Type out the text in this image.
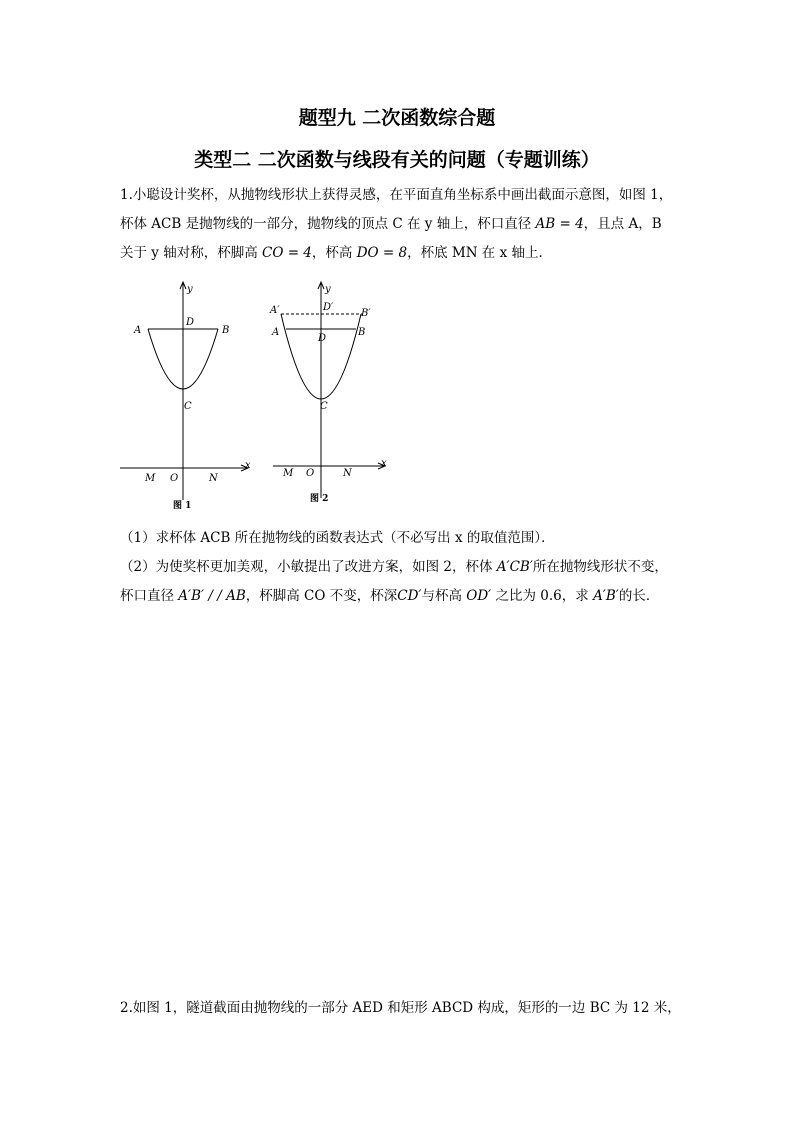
题型九 二次函数综合题
类型二 二次函数与线段有关的问题（专题训练）
1.小聪设计奖杯，从抛物线形状上获得灵感，在平面直角坐标系中画出截面示意图，如图 1，
杯体 ACB 是抛物线的一部分，抛物线的顶点 C 在 y 轴上，杯口直径 AB = 4，且点 A，B
关于 y 轴对称，杯脚高 CO = 4，杯高 DO = 8，杯底 MN 在 x 轴上．
y
A
D
B
C
x
M O	N
图 1
y
A′	D′
B′
A
D
B
C
x
M O	N
图 2
（1）求杯体 ACB 所在抛物线的函数表达式（不必写出 x 的取值范围）．
（2）为使奖杯更加美观，小敏提出了改进方案，如图 2，杯体 A′CB′所在抛物线形状不变，
杯口直径 A′B′ / / AB，杯脚高 CO 不变，杯深CD′与杯高 OD′ 之比为 0.6，求 A′B′的长．
2.如图 1，隧道截面由抛物线的一部分 AED 和矩形 ABCD 构成，矩形的一边 BC 为 12 米，
